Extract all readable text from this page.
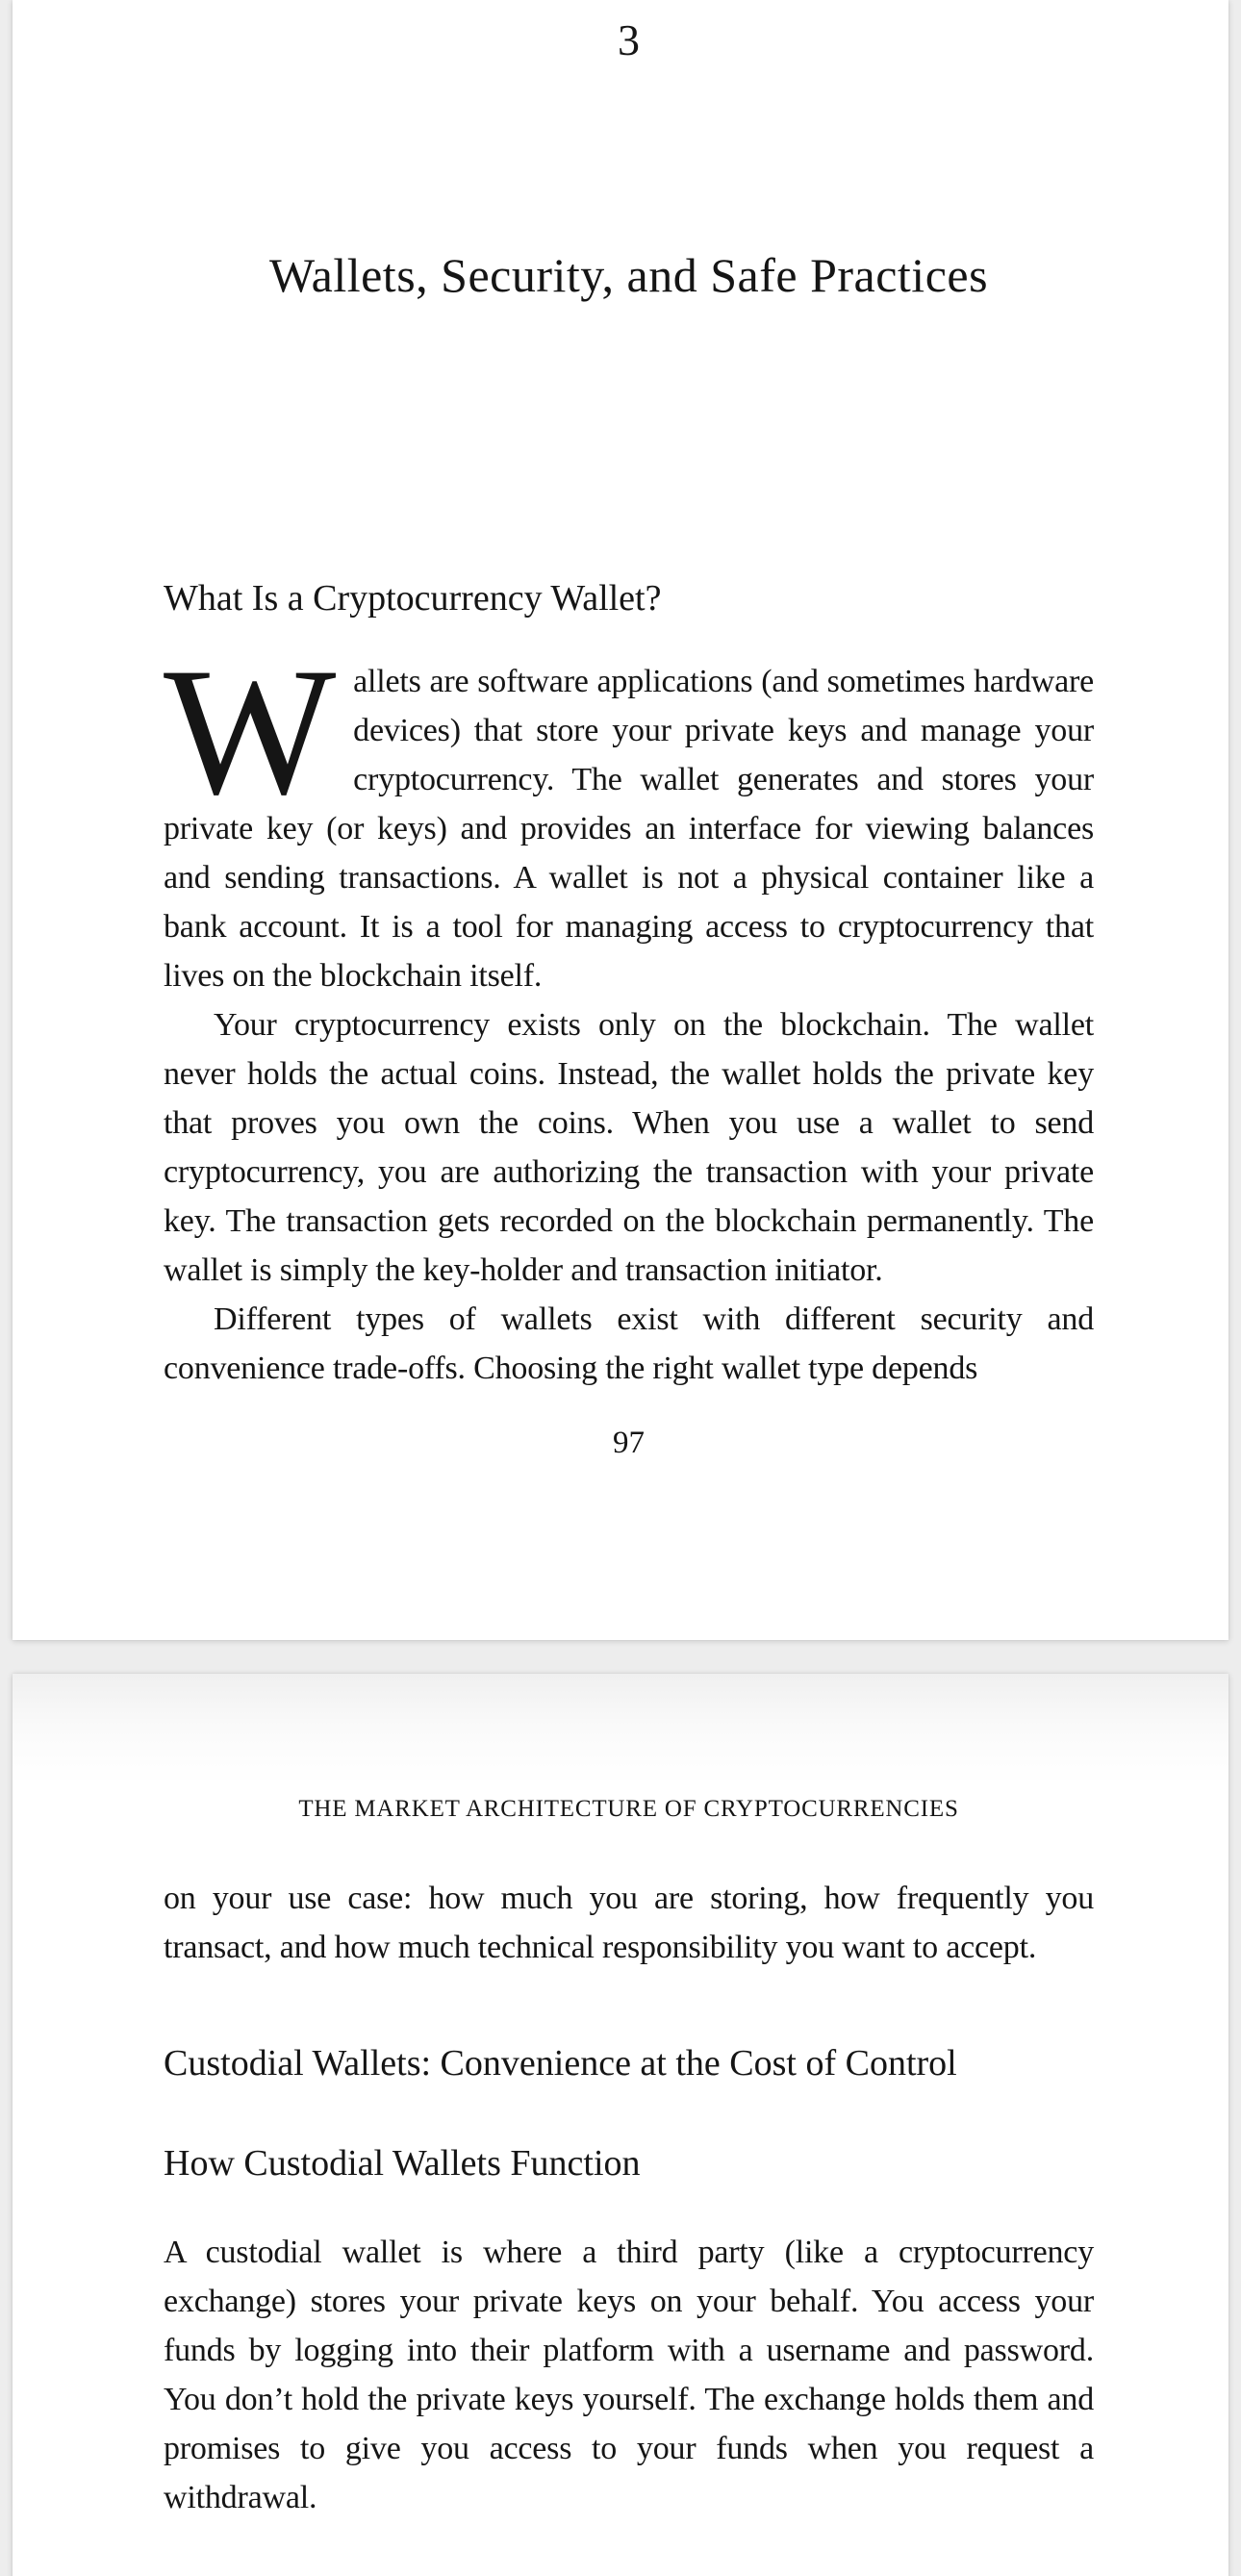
3
Wallets, Security, and Safe Practices
What Is a Cryptocurrency Wallet?

Wallets are software applications (and sometimes hardware devices) that store your private keys and manage your cryptocurrency. The wallet generates and stores your private key (or keys) and provides an interface for viewing balances and sending transactions. A wallet is not a physical container like a bank account. It is a tool for managing access to cryptocurrency that lives on the blockchain itself.

Your cryptocurrency exists only on the blockchain. The wallet never holds the actual coins. Instead, the wallet holds the private key that proves you own the coins. When you use a wallet to send cryptocurrency, you are authorizing the transaction with your private key. The transaction gets recorded on the blockchain permanently. The wallet is simply the key-holder and transaction initiator.

Different types of wallets exist with different security and convenience trade-offs. Choosing the right wallet type depends

97
THE MARKET ARCHITECTURE OF CRYPTOCURRENCIES

on your use case: how much you are storing, how frequently you transact, and how much technical responsibility you want to accept.

Custodial Wallets: Convenience at the Cost of Control
How Custodial Wallets Function

A custodial wallet is where a third party (like a cryptocurrency exchange) stores your private keys on your behalf. You access your funds by logging into their platform with a username and password. You don’t hold the private keys yourself. The exchange holds them and promises to give you access to your funds when you request a withdrawal.
